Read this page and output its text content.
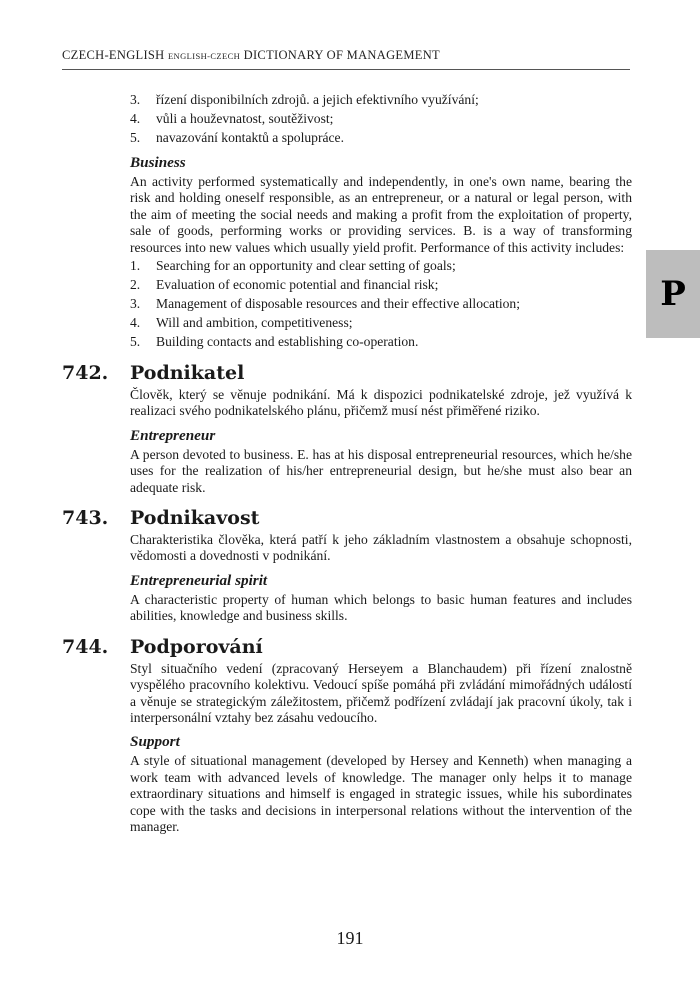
CZECH-ENGLISH ENGLISH-CZECH DICTIONARY OF MANAGEMENT
P
3.	řízení disponibilních zdrojů. a jejich efektivního využívání;
4.	vůli a houževnatost, soutěživost;
5.	navazování kontaktů a spolupráce.
Business

An activity performed systematically and independently, in one's own name, bearing the risk and holding oneself responsible, as an entrepreneur, or a natural or legal person, with the aim of meeting the social needs and making a profit from the exploitation of property, sale of goods, performing works or providing services. B. is a way of transforming resources into new values which usually yield profit. Performance of this activity includes:

1.	Searching for an opportunity and clear setting of goals;
2.	Evaluation of economic potential and financial risk;
3.	Management of disposable resources and their effective allocation;
4.	Will and ambition, competitiveness;
5.	Building contacts and establishing co-operation.
742.	Podnikatel

Člověk, který se věnuje podnikání. Má k dispozici podnikatelské zdroje, jež využívá k realizaci svého podnikatelského plánu, přičemž musí nést přiměřené riziko.

Entrepreneur

A person devoted to business. E. has at his disposal entrepreneurial resources, which he/she uses for the realization of his/her entrepreneurial design, but he/she must also bear an adequate risk.

743.	Podnikavost

Charakteristika člověka, která patří k jeho základním vlastnostem a obsahuje schopnosti, vědomosti a dovednosti v podnikání.

Entrepreneurial spirit

A characteristic property of human which belongs to basic human features and includes abilities, knowledge and business skills.

744.	Podporování

Styl situačního vedení (zpracovaný Herseyem a Blanchaudem) při řízení znalostně vyspělého pracovního kolektivu. Vedoucí spíše pomáhá při zvládání mimořádných událostí a věnuje se strategickým záležitostem, přičemž podřízení zvládají jak pracovní úkoly, tak i interpersonální vztahy bez zásahu vedoucího.

Support

A style of situational management (developed by Hersey and Kenneth) when managing a work team with advanced levels of knowledge. The manager only helps it to manage extraordinary situations and himself is engaged in strategic issues, while his subordinates cope with the tasks and decisions in interpersonal relations without the intervention of the manager.

191
